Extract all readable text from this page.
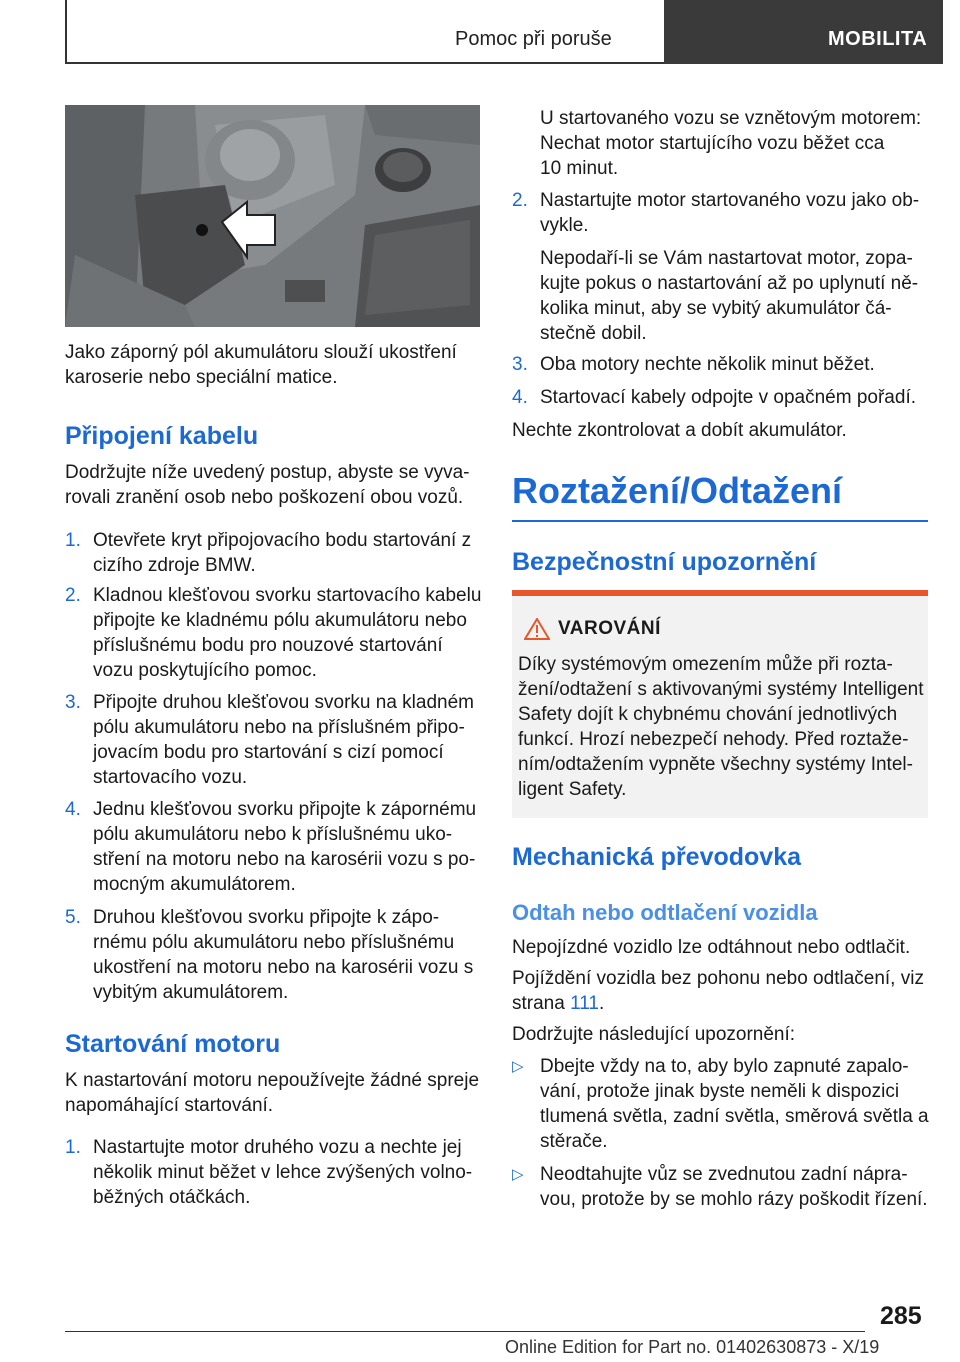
Pomoc při poruše	MOBILITA

Jako záporný pól akumulátoru slouží ukostření

karoserie nebo speciální matice.

Připojení kabelu

Dodržujte níže uvedený postup, abyste se vyva-

rovali zranění osob nebo poškození obou vozů.

1. Otevřete kryt připojovacího bodu startování z

cizího zdroje BMW.

2. Kladnou klešťovou svorku startovacího kabelu

připojte ke kladnému pólu akumulátoru nebo

příslušnému bodu pro nouzové startování

vozu poskytujícího pomoc.

3. Připojte druhou klešťovou svorku na kladném

pólu akumulátoru nebo na příslušném připo-

jovacím bodu pro startování s cizí pomocí

startovacího vozu.

4. Jednu klešťovou svorku připojte k zápornému

pólu akumulátoru nebo k příslušnému uko-

stření na motoru nebo na karosérii vozu s po-

mocným akumulátorem.

5. Druhou klešťovou svorku připojte k zápo-

rnému pólu akumulátoru nebo příslušnému

ukostření na motoru nebo na karosérii vozu s

vybitým akumulátorem.

Startování motoru

K nastartování motoru nepoužívejte žádné spreje

napomáhající startování.

1. Nastartujte motor druhého vozu a nechte jej

několik minut běžet v lehce zvýšených volno-

běžných otáčkách.

U startovaného vozu se vznětovým motorem:

Nechat motor startujícího vozu běžet cca

10 minut.

2. Nastartujte motor startovaného vozu jako ob-

vykle.

Nepodaří-li se Vám nastartovat motor, zopa-

kujte pokus o nastartování až po uplynutí ně-

kolika minut, aby se vybitý akumulátor čá-

stečně dobil.

3. Oba motory nechte několik minut běžet.

4. Startovací kabely odpojte v opačném pořadí.

Nechte zkontrolovat a dobít akumulátor.
Roztažení/Odtažení
Bezpečnostní upozornění
VAROVÁNÍ

Díky systémovým omezením může při rozta-

žení/odtažení s aktivovanými systémy Intelligent

Safety dojít k chybnému chování jednotlivých

funkcí. Hrozí nebezpečí nehody. Před roztaže-

ním/odtažením vypněte všechny systémy Intel-

ligent Safety.

Mechanická převodovka
Odtah nebo odtlačení vozidla

Nepojízdné vozidlo lze odtáhnout nebo odtlačit.

Pojíždění vozidla bez pohonu nebo odtlačení, viz

strana 111.

Dodržujte následující upozornění:

▷ Dbejte vždy na to, aby bylo zapnuté zapalo-

vání, protože jinak byste neměli k dispozici

tlumená světla, zadní světla, směrová světla a

stěrače.

▷ Neodtahujte vůz se zvednutou zadní nápra-

vou, protože by se mohlo rázy poškodit řízení.

285
Online Edition for Part no. 01402630873 - X/19
